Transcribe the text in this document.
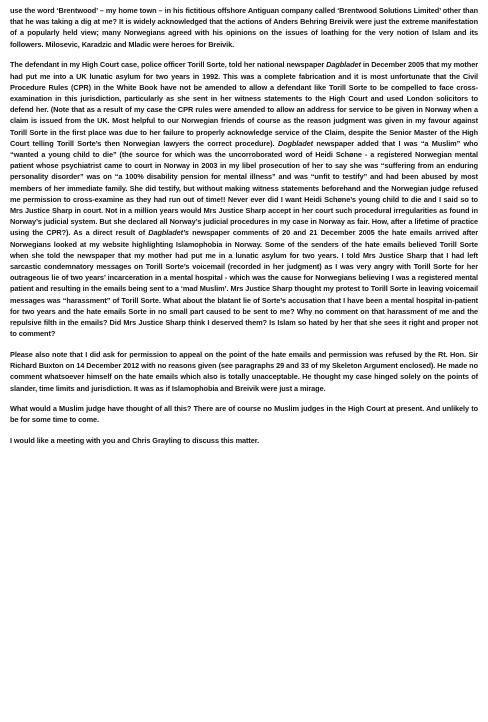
use the word ‘Brentwood’ – my home town – in his fictitious offshore Antiguan company called ‘Brentwood Solutions Limited’ other than that he was taking a dig at me? It is widely acknowledged that the actions of Anders Behring Breivik were just the extreme manifestation of a popularly held view; many Norwegians agreed with his opinions on the issues of loathing for the very notion of Islam and its followers. Milosevic, Karadzic and Mladic were heroes for Breivik.

The defendant in my High Court case, police officer Torill Sorte, told her national newspaper Dagbladet in December 2005 that my mother had put me into a UK lunatic asylum for two years in 1992. This was a complete fabrication and it is most unfortunate that the Civil Procedure Rules (CPR) in the White Book have not be amended to allow a defendant like Torill Sorte to be compelled to face cross-examination in this jurisdiction, particularly as she sent in her witness statements to the High Court and used London solicitors to defend her. (Note that as a result of my case the CPR rules were amended to allow an address for service to be given in Norway when a claim is issued from the UK. Most helpful to our Norwegian friends of course as the reason judgment was given in my favour against Torill Sorte in the first place was due to her failure to properly acknowledge service of the Claim, despite the Senior Master of the High Court telling Torill Sorte’s then Norwegian lawyers the correct procedure). Dogbladet newspaper added that I was “a Muslim” who “wanted a young child to die” (the source for which was the uncorroborated word of Heidi Schøne - a registered Norwegian mental patient whose psychiatrist came to court in Norway in 2003 in my libel prosecution of her to say she was “suffering from an enduring personality disorder” was on “a 100% disability pension for mental illness” and was “unfit to testify” and had been abused by most members of her immediate family. She did testify, but without making witness statements beforehand and the Norwegian judge refused me permission to cross-examine as they had run out of time!! Never ever did I want Heidi Schøne’s young child to die and I said so to Mrs Justice Sharp in court. Not in a million years would Mrs Justice Sharp accept in her court such procedural irregularities as found in Norway’s judicial system. But she declared all Norway’s judicial procedures in my case in Norway as fair. How, after a lifetime of practice using the CPR?). As a direct result of Dagbladet’s newspaper comments of 20 and 21 December 2005 the hate emails arrived after Norwegians looked at my website highlighting Islamophobia in Norway. Some of the senders of the hate emails believed Torill Sorte when she told the newspaper that my mother had put me in a lunatic asylum for two years. I told Mrs Justice Sharp that I had left sarcastic condemnatory messages on Torill Sorte’s voicemail (recorded in her judgment) as I was very angry with Torill Sorte for her outrageous lie of two years’ incarceration in a mental hospital - which was the cause for Norwegians believing I was a registered mental patient and resulting in the emails being sent to a ‘mad Muslim’. Mrs Justice Sharp thought my protest to Torill Sorte in leaving voicemail messages was “harassment” of Torill Sorte. What about the blatant lie of Sorte’s accusation that I have been a mental hospital in-patient for two years and the hate emails Sorte in no small part caused to be sent to me? Why no comment on that harassment of me and the repulsive filth in the emails? Did Mrs Justice Sharp think I deserved them? Is Islam so hated by her that she sees it right and proper not to comment?

Please also note that I did ask for permission to appeal on the point of the hate emails and permission was refused by the Rt. Hon. Sir Richard Buxton on 14 December 2012 with no reasons given (see paragraphs 29 and 33 of my Skeleton Argument enclosed). He made no comment whatsoever himself on the hate emails which also is totally unacceptable. He thought my case hinged solely on the points of slander, time limits and jurisdiction. It was as if Islamophobia and Breivik were just a mirage.

What would a Muslim judge have thought of all this? There are of course no Muslim judges in the High Court at present. And unlikely to be for some time to come.

I would like a meeting with you and Chris Grayling to discuss this matter.
